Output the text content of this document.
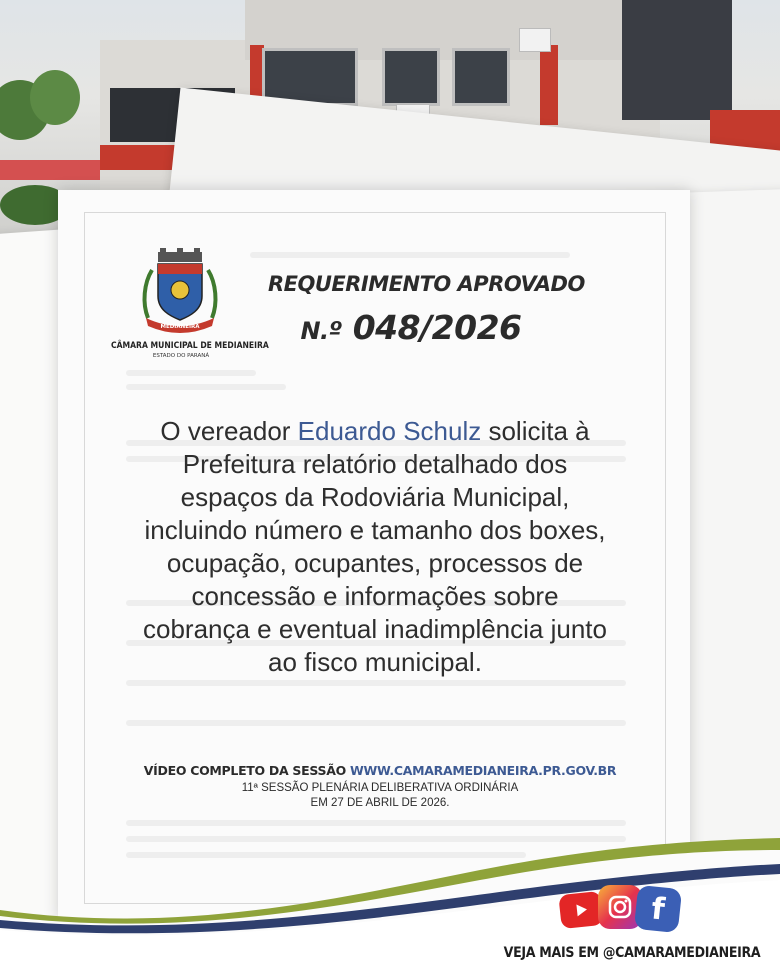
MEDIANEIRA
CÂMARA MUNICIPAL DE MEDIANEIRA
ESTADO DO PARANÁ
REQUERIMENTO APROVADO
N.º 048/2026
O vereador Eduardo Schulz solicita à Prefeitura relatório detalhado dos espaços da Rodoviária Municipal, incluindo número e tamanho dos boxes, ocupação, ocupantes, processos de concessão e informações sobre cobrança e eventual inadimplência junto ao fisco municipal.
VÍDEO COMPLETO DA SESSÃO WWW.CAMARAMEDIANEIRA.PR.GOV.BR
11ª SESSÃO PLENÁRIA DELIBERATIVA ORDINÁRIA
EM 27 DE ABRIL DE 2026.
f
VEJA MAIS EM @CAMARAMEDIANEIRA
